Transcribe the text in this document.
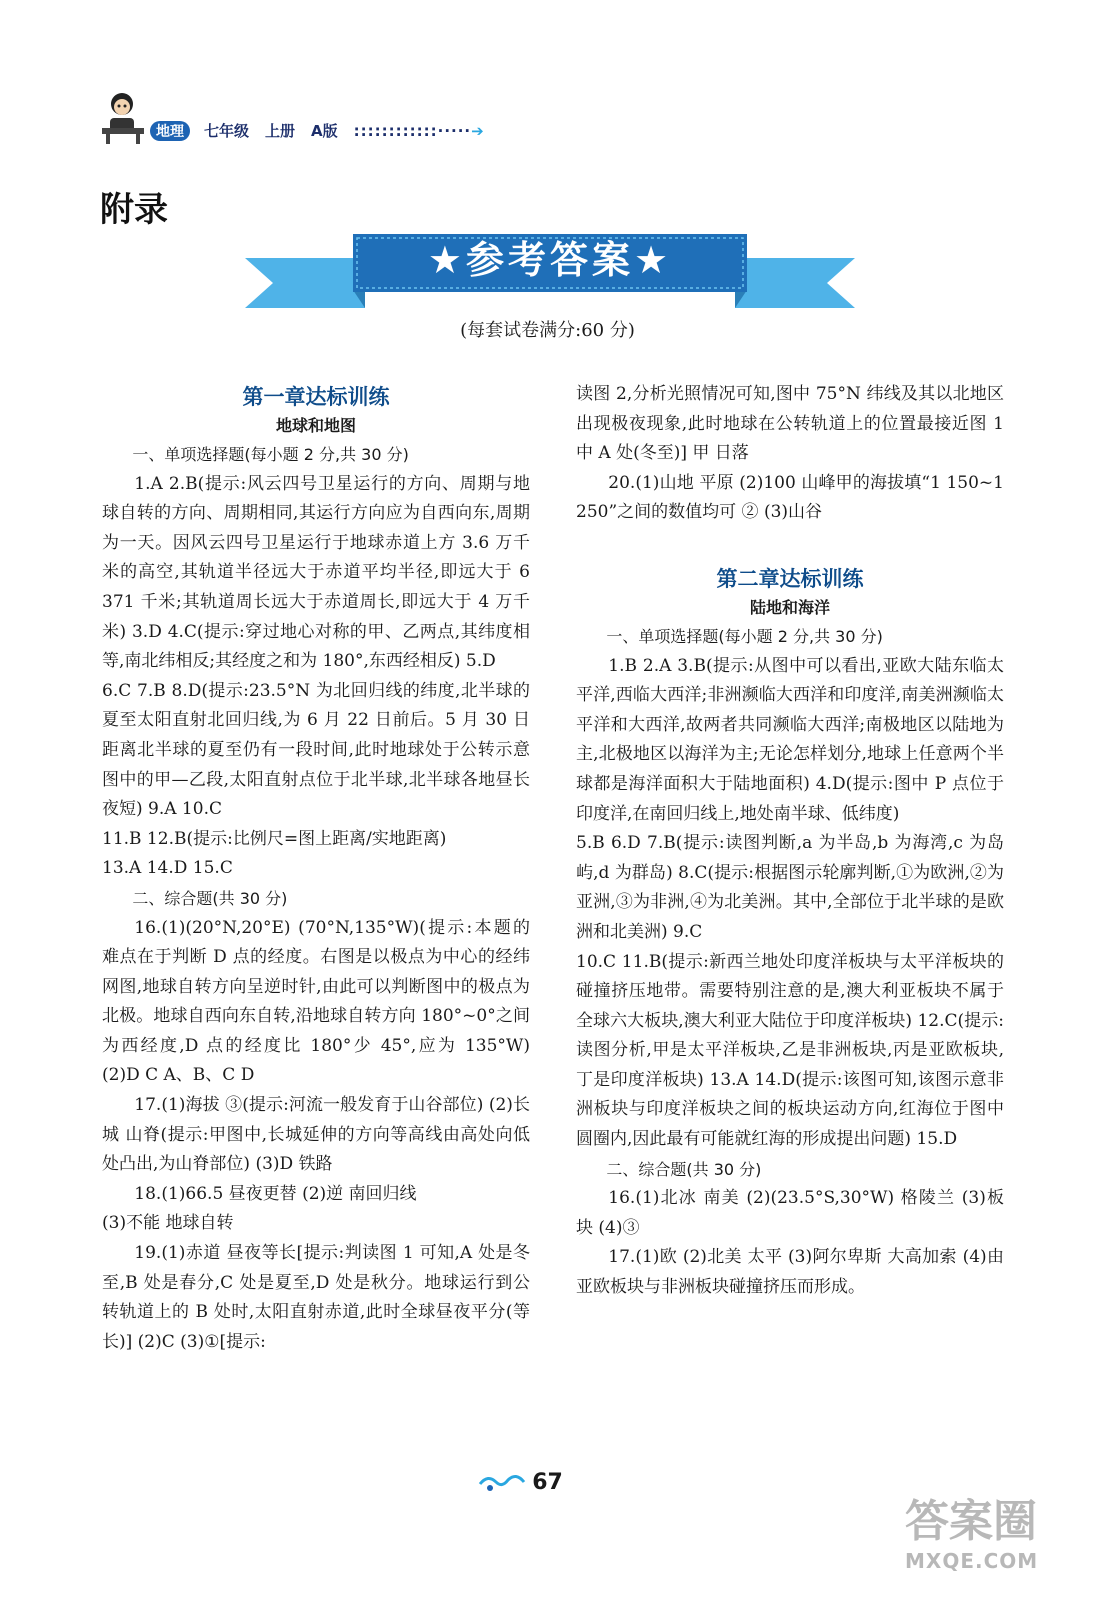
地理 七年级 上册 A版 ::::::::::::·····➔
附录
★参考答案★
(每套试卷满分:60 分)
第一章达标训练
地球和地图
一、单项选择题(每小题 2 分,共 30 分)

1.A 2.B(提示:风云四号卫星运行的方向、周期与地球自转的方向、周期相同,其运行方向应为自西向东,周期为一天。因风云四号卫星运行于地球赤道上方 3.6 万千米的高空,其轨道半径远大于赤道平均半径,即远大于 6 371 千米;其轨道周长远大于赤道周长,即远大于 4 万千米) 3.D 4.C(提示:穿过地心对称的甲、乙两点,其纬度相等,南北纬相反;其经度之和为 180°,东西经相反) 5.D

6.C 7.B 8.D(提示:23.5°N 为北回归线的纬度,北半球的夏至太阳直射北回归线,为 6 月 22 日前后。5 月 30 日距离北半球的夏至仍有一段时间,此时地球处于公转示意图中的甲—乙段,太阳直射点位于北半球,北半球各地昼长夜短) 9.A 10.C

11.B 12.B(提示:比例尺=图上距离/实地距离)

13.A 14.D 15.C

二、综合题(共 30 分)

16.(1)(20°N,20°E) (70°N,135°W)(提示:本题的难点在于判断 D 点的经度。右图是以极点为中心的经纬网图,地球自转方向呈逆时针,由此可以判断图中的极点为北极。地球自西向东自转,沿地球自转方向 180°~0°之间为西经度,D 点的经度比 180°少 45°,应为 135°W) (2)D C A、B、C D

17.(1)海拔 ③(提示:河流一般发育于山谷部位) (2)长城 山脊(提示:甲图中,长城延伸的方向等高线由高处向低处凸出,为山脊部位) (3)D 铁路

18.(1)66.5 昼夜更替 (2)逆 南回归线

(3)不能 地球自转

19.(1)赤道 昼夜等长[提示:判读图 1 可知,A 处是冬至,B 处是春分,C 处是夏至,D 处是秋分。地球运行到公转轨道上的 B 处时,太阳直射赤道,此时全球昼夜平分(等长)] (2)C (3)①[提示:

读图 2,分析光照情况可知,图中 75°N 纬线及其以北地区出现极夜现象,此时地球在公转轨道上的位置最接近图 1 中 A 处(冬至)] 甲 日落

20.(1)山地 平原 (2)100 山峰甲的海拔填“1 150~1 250”之间的数值均可 ② (3)山谷

第二章达标训练
陆地和海洋
一、单项选择题(每小题 2 分,共 30 分)

1.B 2.A 3.B(提示:从图中可以看出,亚欧大陆东临太平洋,西临大西洋;非洲濒临大西洋和印度洋,南美洲濒临太平洋和大西洋,故两者共同濒临大西洋;南极地区以陆地为主,北极地区以海洋为主;无论怎样划分,地球上任意两个半球都是海洋面积大于陆地面积) 4.D(提示:图中 P 点位于印度洋,在南回归线上,地处南半球、低纬度)

5.B 6.D 7.B(提示:读图判断,a 为半岛,b 为海湾,c 为岛屿,d 为群岛) 8.C(提示:根据图示轮廓判断,①为欧洲,②为亚洲,③为非洲,④为北美洲。其中,全部位于北半球的是欧洲和北美洲) 9.C

10.C 11.B(提示:新西兰地处印度洋板块与太平洋板块的碰撞挤压地带。需要特别注意的是,澳大利亚板块不属于全球六大板块,澳大利亚大陆位于印度洋板块) 12.C(提示:读图分析,甲是太平洋板块,乙是非洲板块,丙是亚欧板块,丁是印度洋板块) 13.A 14.D(提示:该图可知,该图示意非洲板块与印度洋板块之间的板块运动方向,红海位于图中圆圈内,因此最有可能就红海的形成提出问题) 15.D

二、综合题(共 30 分)

16.(1)北冰 南美 (2)(23.5°S,30°W) 格陵兰 (3)板块 (4)③

17.(1)欧 (2)北美 太平 (3)阿尔卑斯 大高加索 (4)由亚欧板块与非洲板块碰撞挤压而形成。

67
答案圈
MXQE.COM
